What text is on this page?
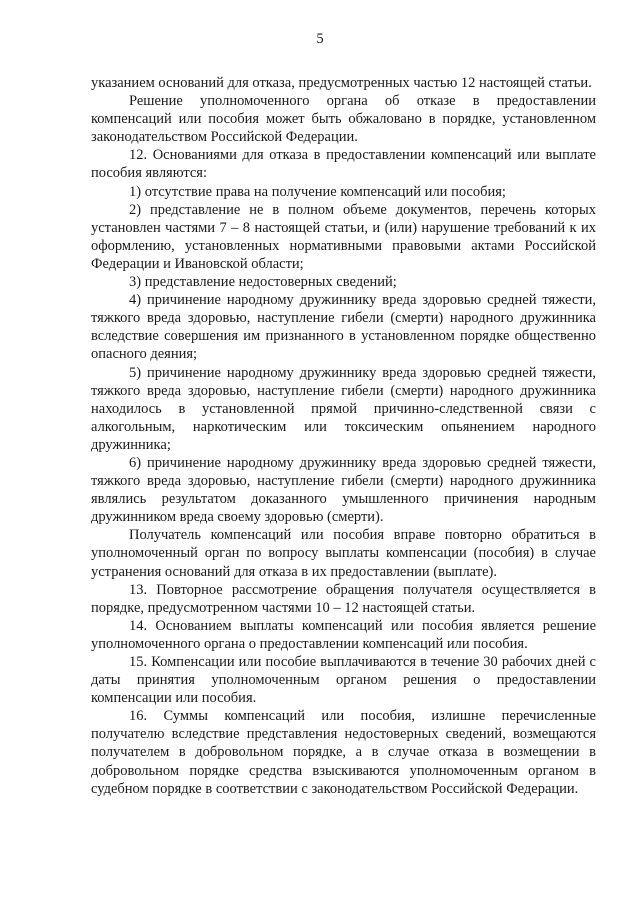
5

указанием оснований для отказа, предусмотренных частью 12 настоящей статьи.

Решение уполномоченного органа об отказе в предоставлении компенсаций или пособия может быть обжаловано в порядке, установленном законодательством Российской Федерации.

12. Основаниями для отказа в предоставлении компенсаций или выплате пособия являются:

1) отсутствие права на получение компенсаций или пособия;

2) представление не в полном объеме документов, перечень которых установлен частями 7 – 8 настоящей статьи, и (или) нарушение требований к их оформлению, установленных нормативными правовыми актами Российской Федерации и Ивановской области;

3) представление недостоверных сведений;

4) причинение народному дружиннику вреда здоровью средней тяжести, тяжкого вреда здоровью, наступление гибели (смерти) народного дружинника вследствие совершения им признанного в установленном порядке общественно опасного деяния;

5) причинение народному дружиннику вреда здоровью средней тяжести, тяжкого вреда здоровью, наступление гибели (смерти) народного дружинника находилось в установленной прямой причинно-следственной связи с алкогольным, наркотическим или токсическим опьянением народного дружинника;

6) причинение народному дружиннику вреда здоровью средней тяжести, тяжкого вреда здоровью, наступление гибели (смерти) народного дружинника являлись результатом доказанного умышленного причинения народным дружинником вреда своему здоровью (смерти).

Получатель компенсаций или пособия вправе повторно обратиться в уполномоченный орган по вопросу выплаты компенсации (пособия) в случае устранения оснований для отказа в их предоставлении (выплате).

13. Повторное рассмотрение обращения получателя осуществляется в порядке, предусмотренном частями 10 – 12 настоящей статьи.

14. Основанием выплаты компенсаций или пособия является решение уполномоченного органа о предоставлении компенсаций или пособия.

15. Компенсации или пособие выплачиваются в течение 30 рабочих дней с даты принятия уполномоченным органом решения о предоставлении компенсации или пособия.

16. Суммы компенсаций или пособия, излишне перечисленные получателю вследствие представления недостоверных сведений, возмещаются получателем в добровольном порядке, а в случае отказа в возмещении в добровольном порядке средства взыскиваются уполномоченным органом в судебном порядке в соответствии с законодательством Российской Федерации.
